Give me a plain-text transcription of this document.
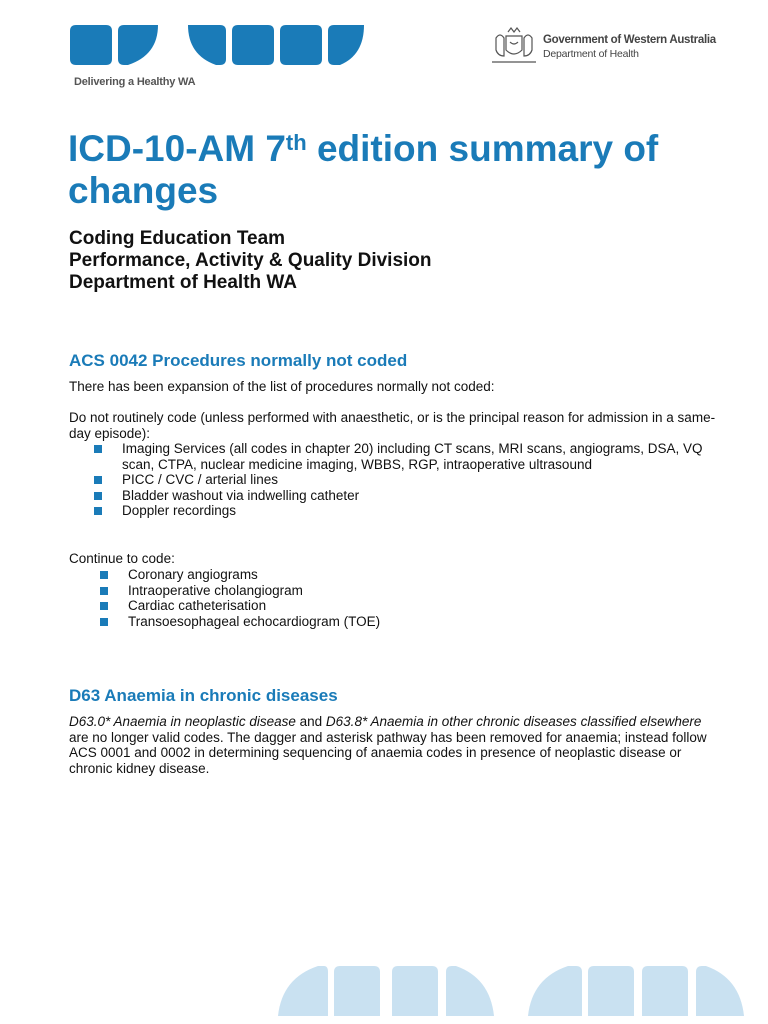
Delivering a Healthy WA
Government of Western Australia
Department of Health
ICD-10-AM 7th edition summary of changes
Coding Education Team
Performance, Activity & Quality Division
Department of Health WA
ACS 0042 Procedures normally not coded

There has been expansion of the list of procedures normally not coded:

Do not routinely code (unless performed with anaesthetic, or is the principal reason for admission in a same-day episode):

Imaging Services (all codes in chapter 20) including CT scans, MRI scans, angiograms, DSA, VQ scan, CTPA, nuclear medicine imaging, WBBS, RGP, intraoperative ultrasound
PICC / CVC / arterial lines
Bladder washout via indwelling catheter
Doppler recordings

Continue to code:

Coronary angiograms
Intraoperative cholangiogram
Cardiac catheterisation
Transoesophageal echocardiogram (TOE)
D63 Anaemia in chronic diseases

D63.0* Anaemia in neoplastic disease and D63.8* Anaemia in other chronic diseases classified elsewhere are no longer valid codes. The dagger and asterisk pathway has been removed for anaemia; instead follow ACS 0001 and 0002 in determining sequencing of anaemia codes in presence of neoplastic disease or chronic kidney disease.
